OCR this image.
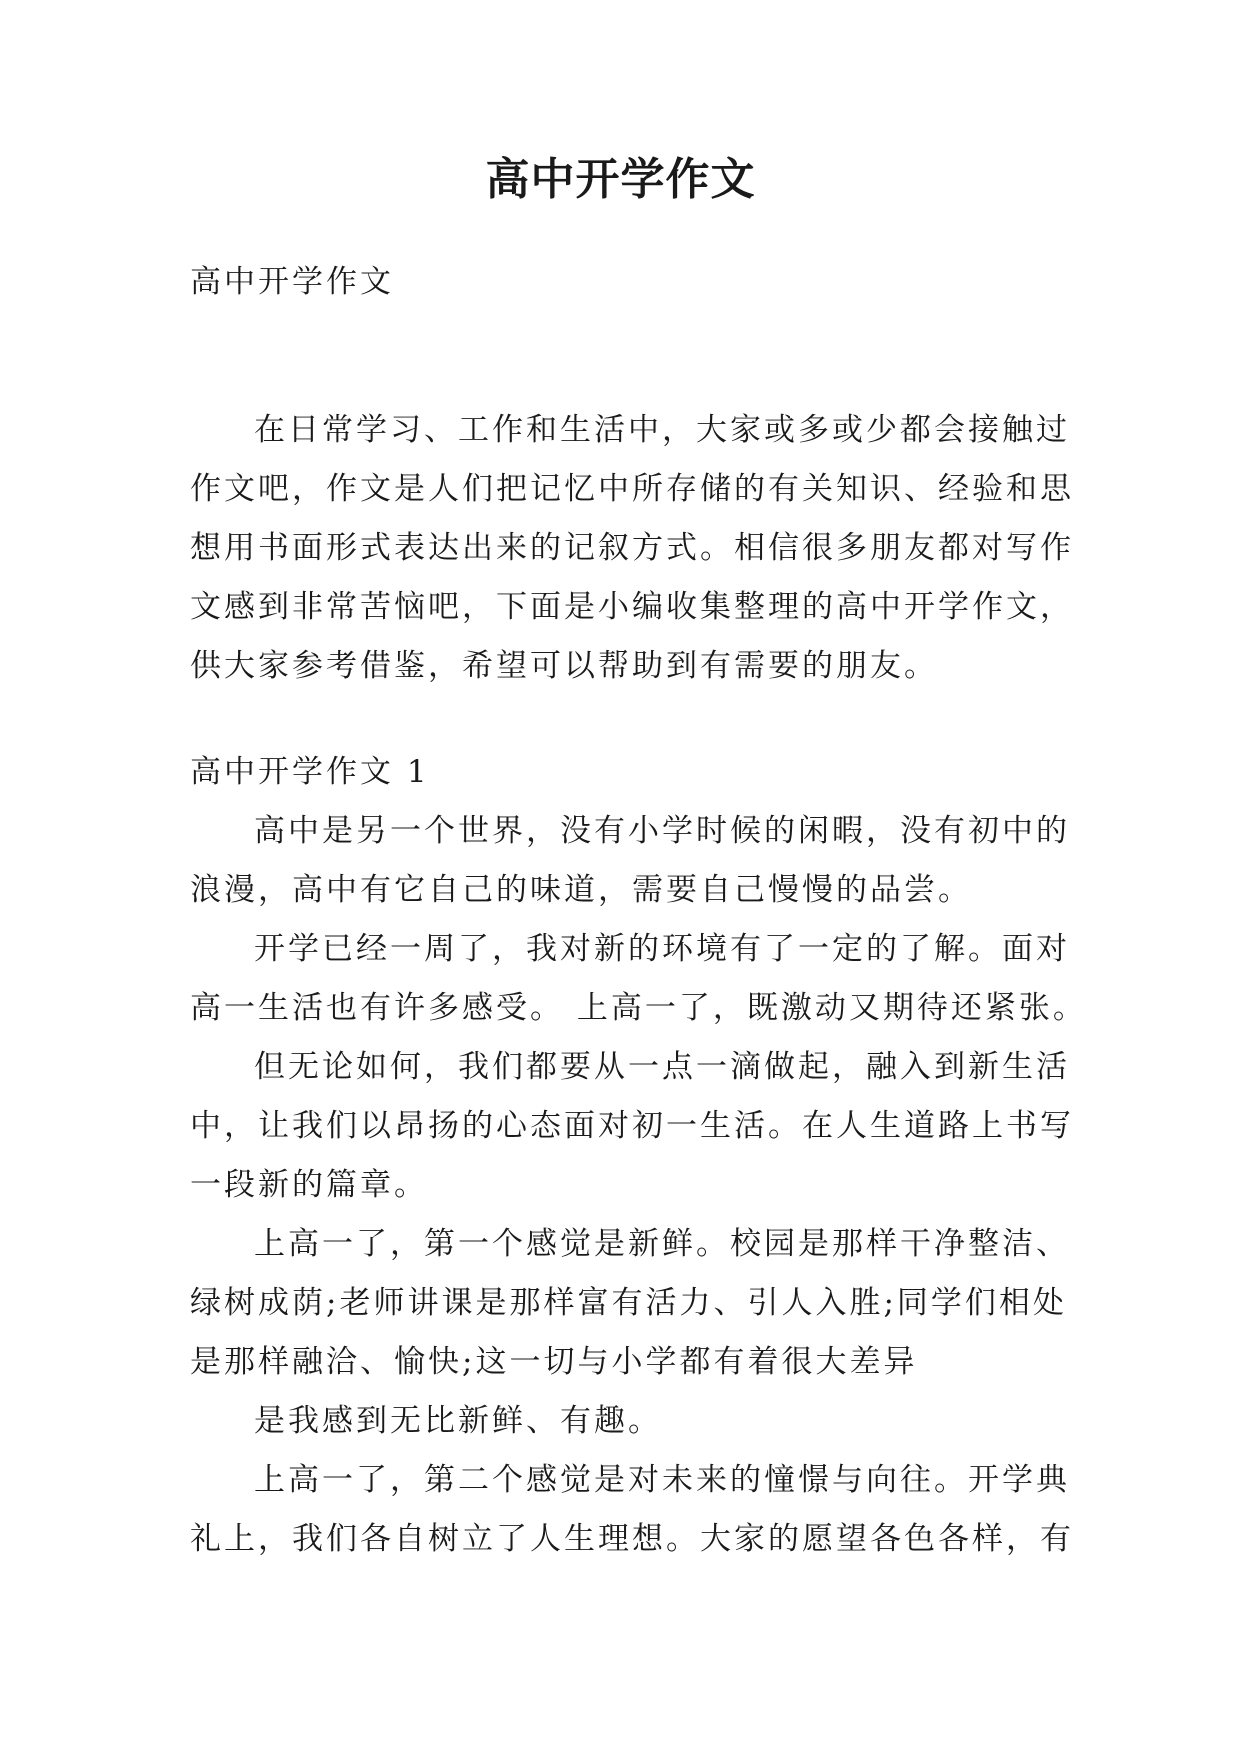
高中开学作文
高中开学作文
在日常学习、工作和生活中，大家或多或少都会接触过
作文吧，作文是人们把记忆中所存储的有关知识、经验和思
想用书面形式表达出来的记叙方式。相信很多朋友都对写作
文感到非常苦恼吧，下面是小编收集整理的高中开学作文，
供大家参考借鉴，希望可以帮助到有需要的朋友。
高中开学作文 1
高中是另一个世界，没有小学时候的闲暇，没有初中的
浪漫，高中有它自己的味道，需要自己慢慢的品尝。
开学已经一周了，我对新的环境有了一定的了解。面对
高一生活也有许多感受。 上高一了，既激动又期待还紧张。
但无论如何，我们都要从一点一滴做起，融入到新生活
中，让我们以昂扬的心态面对初一生活。在人生道路上书写
一段新的篇章。
上高一了，第一个感觉是新鲜。校园是那样干净整洁、
绿树成荫;老师讲课是那样富有活力、引人入胜;同学们相处
是那样融洽、愉快;这一切与小学都有着很大差异
是我感到无比新鲜、有趣。
上高一了，第二个感觉是对未来的憧憬与向往。开学典
礼上，我们各自树立了人生理想。大家的愿望各色各样，有
